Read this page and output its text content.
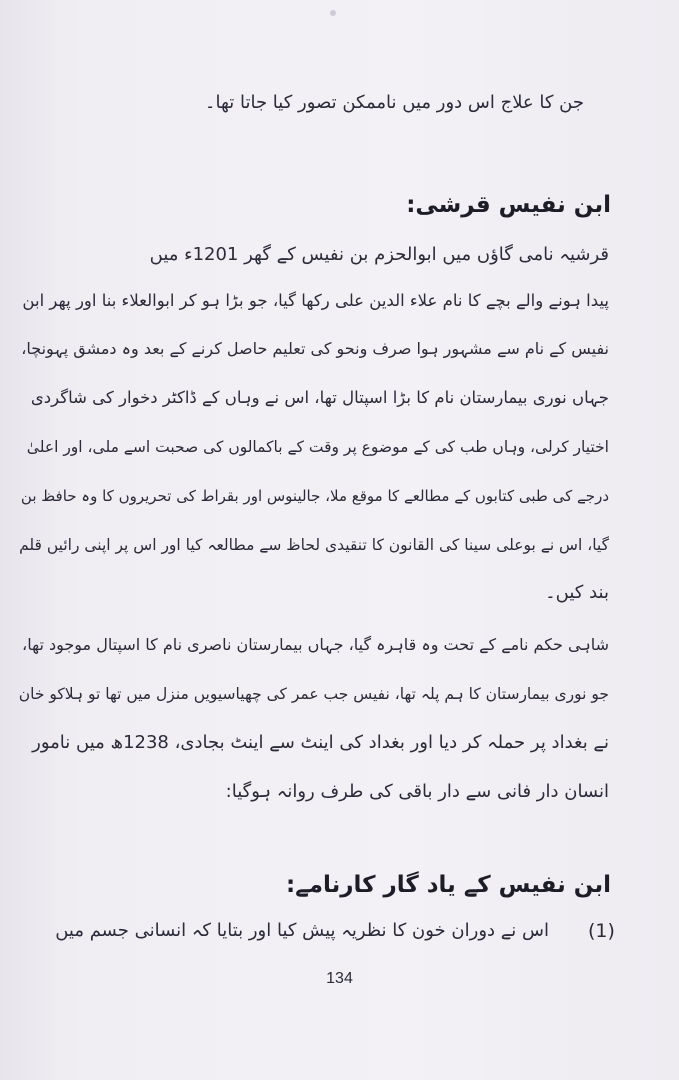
جن کا علاج اس دور میں ناممکن تصور کیا جاتا تھا۔
ابن نفیس قرشی:
قرشیہ نامی گاؤں میں ابوالحزم بن نفیس کے گھر 1201ء میں
پیدا ہونے والے بچے کا نام علاء الدین علی رکھا گیا، جو بڑا ہو کر ابوالعلاء بنا اور پھر ابن
نفیس کے نام سے مشہور ہوا صرف ونحو کی تعلیم حاصل کرنے کے بعد وہ دمشق پہونچا،
جہاں نوری بیمارستان نام کا بڑا اسپتال تھا، اس نے وہاں کے ڈاکٹر دخوار کی شاگردی
اختیار کرلی، وہاں طب کی کے موضوع پر وقت کے باکمالوں کی صحبت اسے ملی، اور اعلیٰ
درجے کی طبی کتابوں کے مطالعے کا موقع ملا، جالینوس اور بقراط کی تحریروں کا وہ حافظ بن
گیا، اس نے بوعلی سینا کی القانون کا تنقیدی لحاظ سے مطالعہ کیا اور اس پر اپنی رائیں قلم
بند کیں۔
شاہی حکم نامے کے تحت وہ قاہرہ گیا، جہاں بیمارستان ناصری نام کا اسپتال موجود تھا،
جو نوری بیمارستان کا ہم پلہ تھا، نفیس جب عمر کی چھیاسیویں منزل میں تھا تو ہلاکو خان
نے بغداد پر حملہ کر دیا اور بغداد کی اینٹ سے اینٹ بجادی، 1238ھ میں نامور
انسان دار فانی سے دار باقی کی طرف روانہ ہوگیا:
ابن نفیس کے یاد گار کارنامے:
(1)
اس نے دوران خون کا نظریہ پیش کیا اور بتایا کہ انسانی جسم میں
134
